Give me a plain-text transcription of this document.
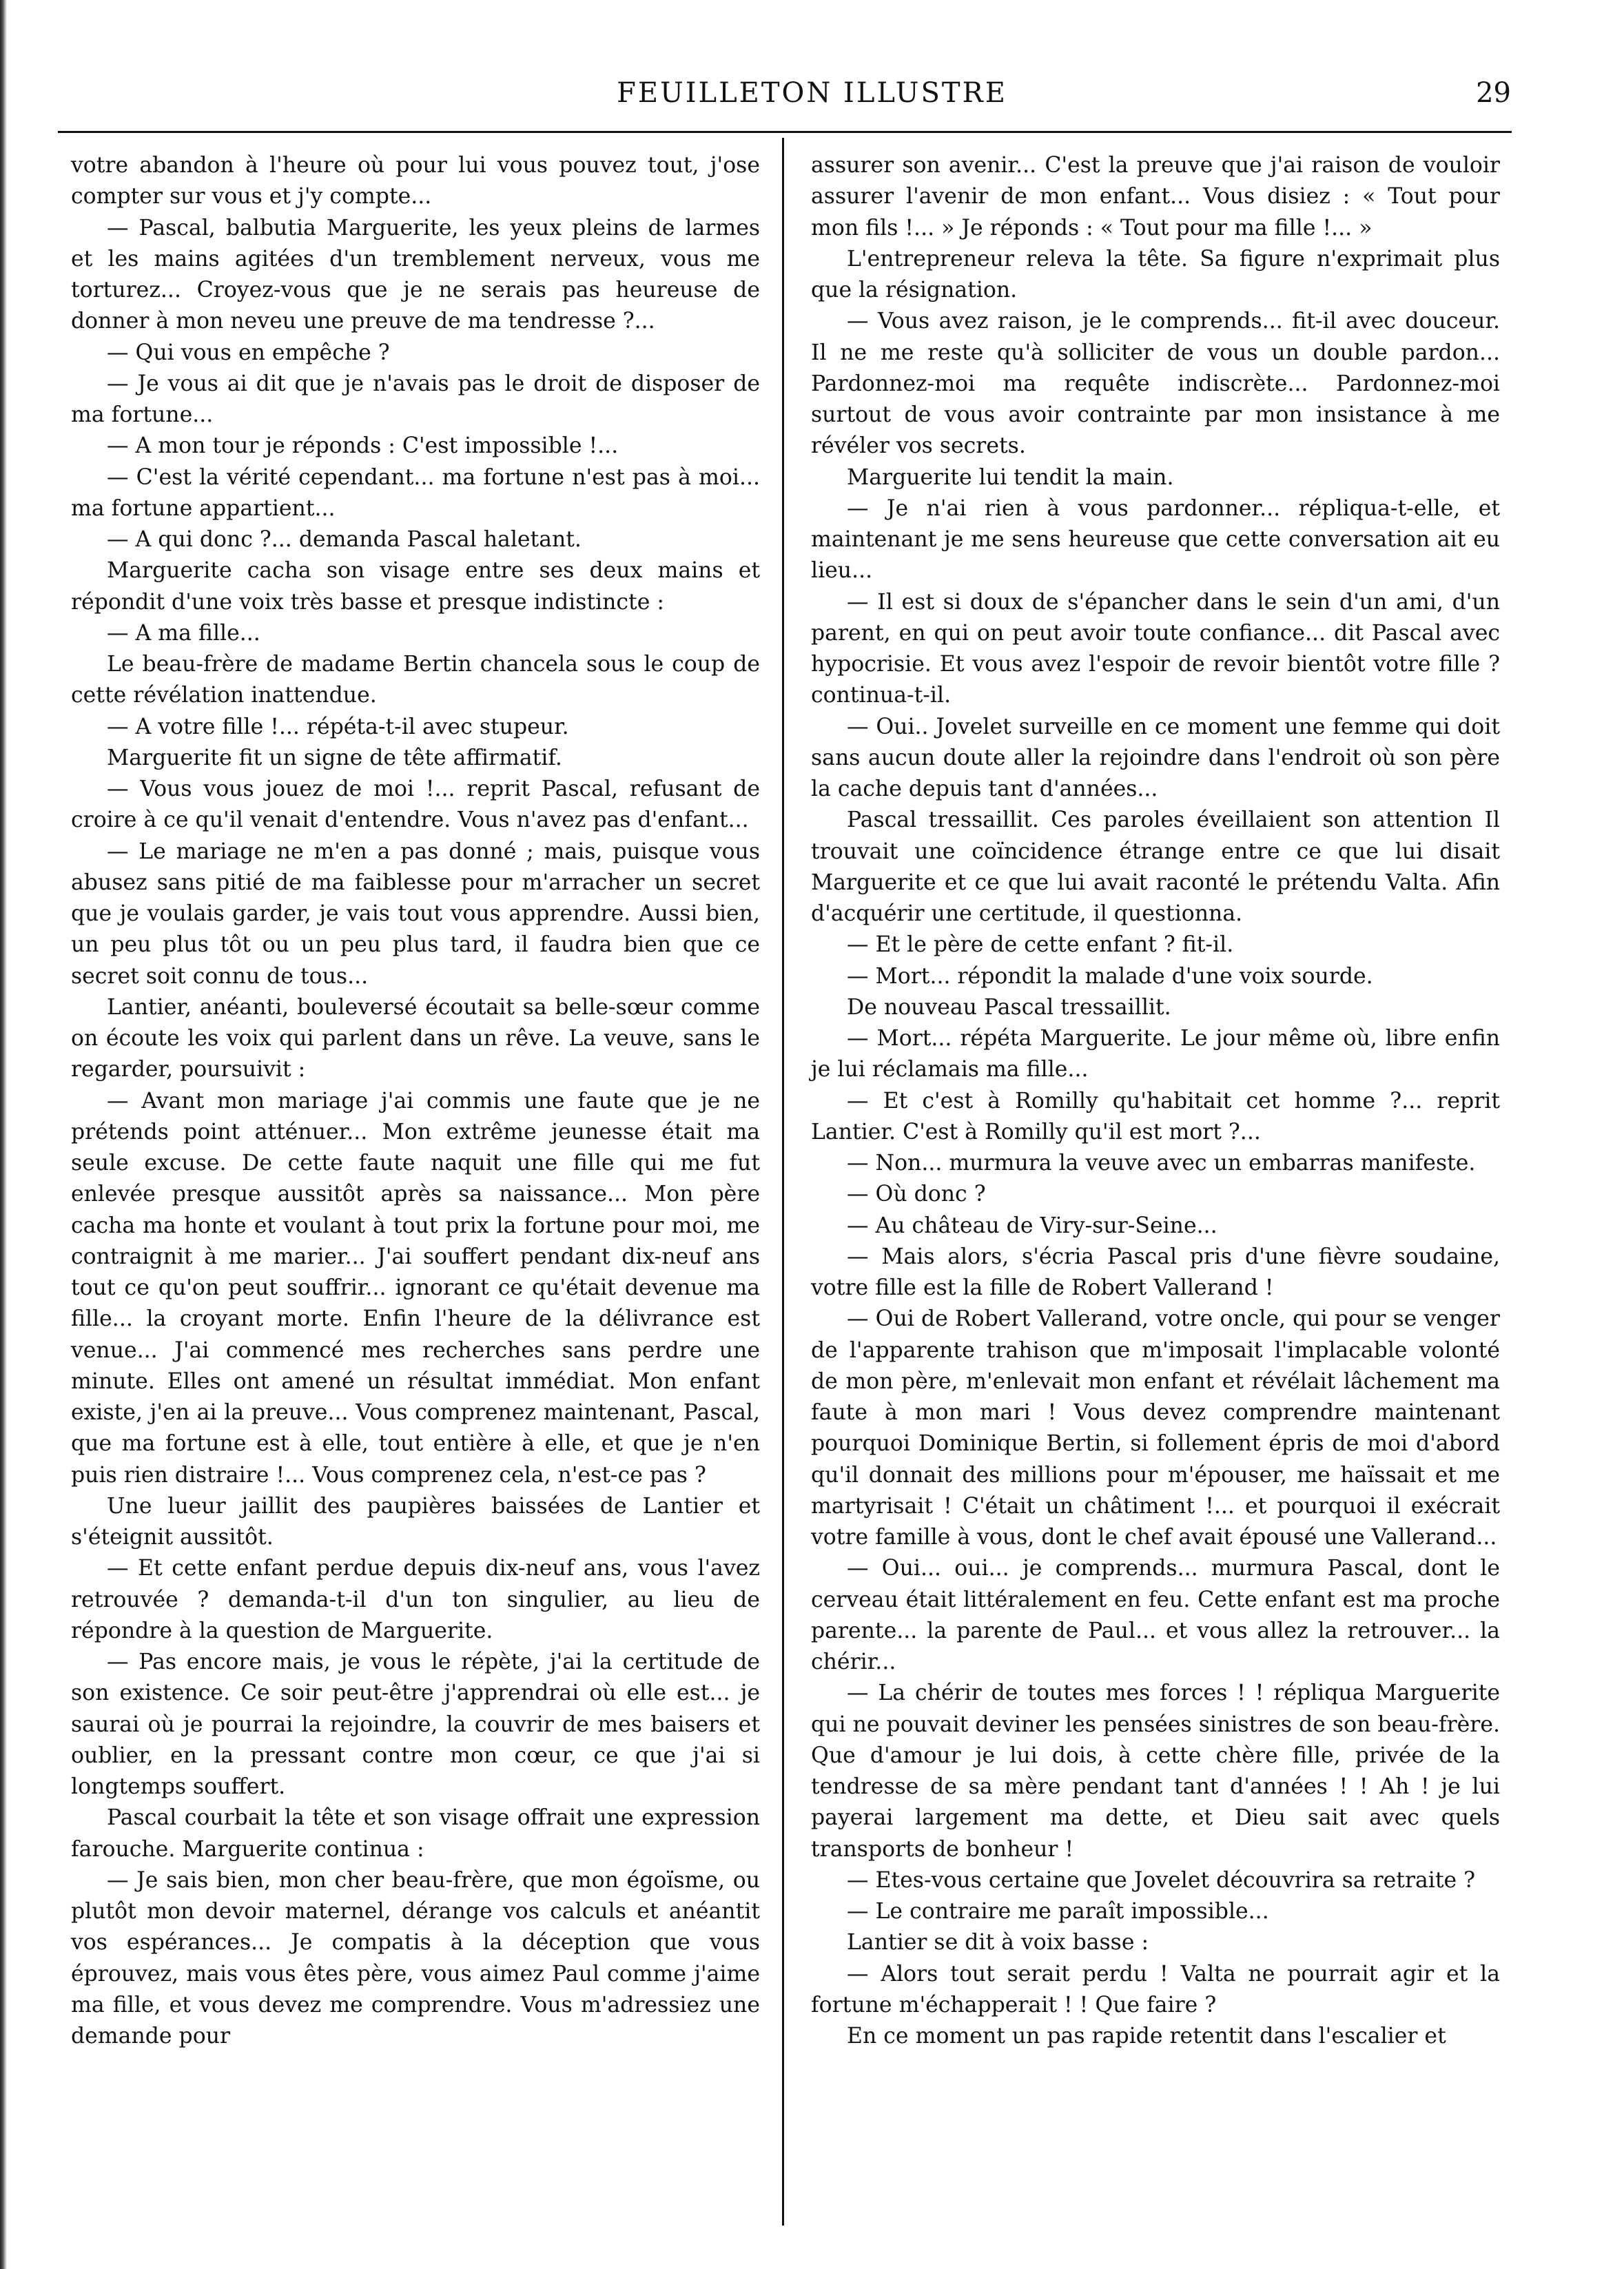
FEUILLETON ILLUSTRE	29

votre abandon à l'heure où pour lui vous pouvez tout, j'ose compter sur vous et j'y compte...

— Pascal, balbutia Marguerite, les yeux pleins de larmes et les mains agitées d'un tremblement nerveux, vous me torturez... Croyez-vous que je ne serais pas heureuse de donner à mon neveu une preuve de ma tendresse ?...

— Qui vous en empêche ?

— Je vous ai dit que je n'avais pas le droit de disposer de ma fortune...

— A mon tour je réponds : C'est impossible !...

— C'est la vérité cependant... ma fortune n'est pas à moi... ma fortune appartient...

— A qui donc ?... demanda Pascal haletant.

Marguerite cacha son visage entre ses deux mains et répondit d'une voix très basse et presque indistincte :

— A ma fille...

Le beau-frère de madame Bertin chancela sous le coup de cette révélation inattendue.

— A votre fille !... répéta-t-il avec stupeur.

Marguerite fit un signe de tête affirmatif.

— Vous vous jouez de moi !... reprit Pascal, refusant de croire à ce qu'il venait d'entendre. Vous n'avez pas d'enfant...

— Le mariage ne m'en a pas donné ; mais, puisque vous abusez sans pitié de ma faiblesse pour m'arracher un secret que je voulais garder, je vais tout vous apprendre. Aussi bien, un peu plus tôt ou un peu plus tard, il faudra bien que ce secret soit connu de tous...

Lantier, anéanti, bouleversé écoutait sa belle-sœur comme on écoute les voix qui parlent dans un rêve. La veuve, sans le regarder, poursuivit :

— Avant mon mariage j'ai commis une faute que je ne prétends point atténuer... Mon extrême jeunesse était ma seule excuse. De cette faute naquit une fille qui me fut enlevée presque aussitôt après sa naissance... Mon père cacha ma honte et voulant à tout prix la fortune pour moi, me contraignit à me marier... J'ai souffert pendant dix-neuf ans tout ce qu'on peut souffrir... ignorant ce qu'était devenue ma fille... la croyant morte. Enfin l'heure de la délivrance est venue... J'ai commencé mes recherches sans perdre une minute. Elles ont amené un résultat immédiat. Mon enfant existe, j'en ai la preuve... Vous comprenez maintenant, Pascal, que ma fortune est à elle, tout entière à elle, et que je n'en puis rien distraire !... Vous comprenez cela, n'est-ce pas ?

Une lueur jaillit des paupières baissées de Lantier et s'éteignit aussitôt.

— Et cette enfant perdue depuis dix-neuf ans, vous l'avez retrouvée ? demanda-t-il d'un ton singulier, au lieu de répondre à la question de Marguerite.

— Pas encore mais, je vous le répète, j'ai la certitude de son existence. Ce soir peut-être j'apprendrai où elle est... je saurai où je pourrai la rejoindre, la couvrir de mes baisers et oublier, en la pressant contre mon cœur, ce que j'ai si longtemps souffert.

Pascal courbait la tête et son visage offrait une expression farouche. Marguerite continua :

— Je sais bien, mon cher beau-frère, que mon égoïsme, ou plutôt mon devoir maternel, dérange vos calculs et anéantit vos espérances... Je compatis à la déception que vous éprouvez, mais vous êtes père, vous aimez Paul comme j'aime ma fille, et vous devez me comprendre. Vous m'adressiez une demande pour

assurer son avenir... C'est la preuve que j'ai raison de vouloir assurer l'avenir de mon enfant... Vous disiez : « Tout pour mon fils !... » Je réponds : « Tout pour ma fille !... »

L'entrepreneur releva la tête. Sa figure n'exprimait plus que la résignation.

— Vous avez raison, je le comprends... fit-il avec douceur. Il ne me reste qu'à solliciter de vous un double pardon... Pardonnez-moi ma requête indiscrète... Pardonnez-moi surtout de vous avoir contrainte par mon insistance à me révéler vos secrets.

Marguerite lui tendit la main.

— Je n'ai rien à vous pardonner... répliqua-t-elle, et maintenant je me sens heureuse que cette conversation ait eu lieu...

— Il est si doux de s'épancher dans le sein d'un ami, d'un parent, en qui on peut avoir toute confiance... dit Pascal avec hypocrisie. Et vous avez l'espoir de revoir bientôt votre fille ? continua-t-il.

— Oui.. Jovelet surveille en ce moment une femme qui doit sans aucun doute aller la rejoindre dans l'endroit où son père la cache depuis tant d'années...

Pascal tressaillit. Ces paroles éveillaient son attention Il trouvait une coïncidence étrange entre ce que lui disait Marguerite et ce que lui avait raconté le prétendu Valta. Afin d'acquérir une certitude, il questionna.

— Et le père de cette enfant ? fit-il.

— Mort... répondit la malade d'une voix sourde.

De nouveau Pascal tressaillit.

— Mort... répéta Marguerite. Le jour même où, libre enfin je lui réclamais ma fille...

— Et c'est à Romilly qu'habitait cet homme ?... reprit Lantier. C'est à Romilly qu'il est mort ?...

— Non... murmura la veuve avec un embarras manifeste.

— Où donc ?

— Au château de Viry-sur-Seine...

— Mais alors, s'écria Pascal pris d'une fièvre soudaine, votre fille est la fille de Robert Vallerand !

— Oui de Robert Vallerand, votre oncle, qui pour se venger de l'apparente trahison que m'imposait l'implacable volonté de mon père, m'enlevait mon enfant et révélait lâchement ma faute à mon mari ! Vous devez comprendre maintenant pourquoi Dominique Bertin, si follement épris de moi d'abord qu'il donnait des millions pour m'épouser, me haïssait et me martyrisait ! C'était un châtiment !... et pourquoi il exécrait votre famille à vous, dont le chef avait épousé une Vallerand...

— Oui... oui... je comprends... murmura Pascal, dont le cerveau était littéralement en feu. Cette enfant est ma proche parente... la parente de Paul... et vous allez la retrouver... la chérir...

— La chérir de toutes mes forces ! ! répliqua Marguerite qui ne pouvait deviner les pensées sinistres de son beau-frère. Que d'amour je lui dois, à cette chère fille, privée de la tendresse de sa mère pendant tant d'années ! ! Ah ! je lui payerai largement ma dette, et Dieu sait avec quels transports de bonheur !

— Etes-vous certaine que Jovelet découvrira sa retraite ?

— Le contraire me paraît impossible...

Lantier se dit à voix basse :

— Alors tout serait perdu ! Valta ne pourrait agir et la fortune m'échapperait ! ! Que faire ?

En ce moment un pas rapide retentit dans l'escalier et
